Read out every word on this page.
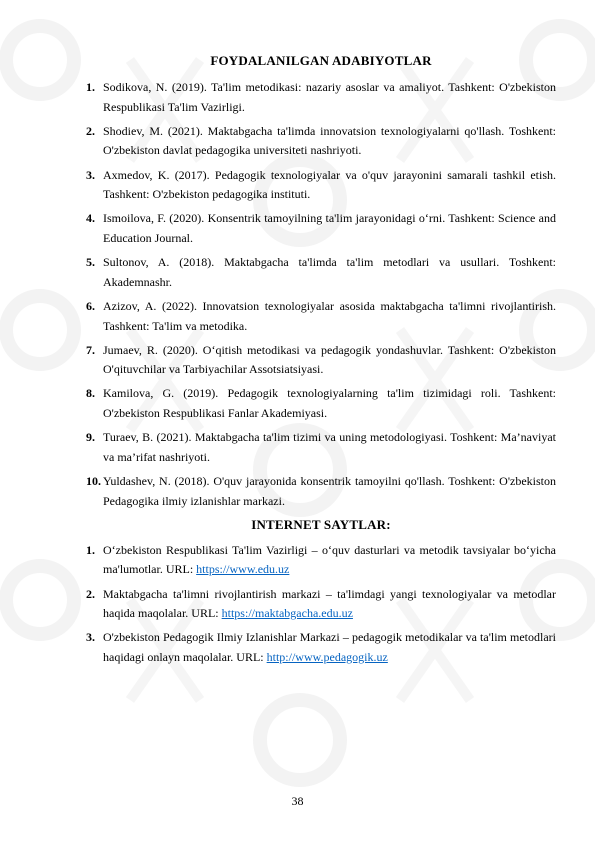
FOYDALANILGAN ADABIYOTLAR
1. Sodikova, N. (2019). Ta'lim metodikasi: nazariy asoslar va amaliyot. Tashkent: O'zbekiston Respublikasi Ta'lim Vazirligi.
2. Shodiev, M. (2021). Maktabgacha ta'limda innovatsion texnologiyalarni qo'llash. Toshkent: O'zbekiston davlat pedagogika universiteti nashriyoti.
3. Axmedov, K. (2017). Pedagogik texnologiyalar va o'quv jarayonini samarali tashkil etish. Tashkent: O'zbekiston pedagogika instituti.
4. Ismoilova, F. (2020). Konsentrik tamoyilning ta'lim jarayonidagi o‘rni. Tashkent: Science and Education Journal.
5. Sultonov, A. (2018). Maktabgacha ta'limda ta'lim metodlari va usullari. Toshkent: Akademnashr.
6. Azizov, A. (2022). Innovatsion texnologiyalar asosida maktabgacha ta'limni rivojlantirish. Tashkent: Ta'lim va metodika.
7. Jumaev, R. (2020). O‘qitish metodikasi va pedagogik yondashuvlar. Tashkent: O'zbekiston O'qituvchilar va Tarbiyachilar Assotsiatsiyasi.
8. Kamilova, G. (2019). Pedagogik texnologiyalarning ta'lim tizimidagi roli. Tashkent: O'zbekiston Respublikasi Fanlar Akademiyasi.
9. Turaev, B. (2021). Maktabgacha ta'lim tizimi va uning metodologiyasi. Toshkent: Ma’naviyat va ma’rifat nashriyoti.
10. Yuldashev, N. (2018). O'quv jarayonida konsentrik tamoyilni qo'llash. Toshkent: O'zbekiston Pedagogika ilmiy izlanishlar markazi.
INTERNET SAYTLAR:
1. O‘zbekiston Respublikasi Ta'lim Vazirligi – o‘quv dasturlari va metodik tavsiyalar bo‘yicha ma'lumotlar. URL: https://www.edu.uz
2. Maktabgacha ta'limni rivojlantirish markazi – ta'limdagi yangi texnologiyalar va metodlar haqida maqolalar. URL: https://maktabgacha.edu.uz
3. O'zbekiston Pedagogik Ilmiy Izlanishlar Markazi – pedagogik metodikalar va ta'lim metodlari haqidagi onlayn maqolalar. URL: http://www.pedagogik.uz
38
